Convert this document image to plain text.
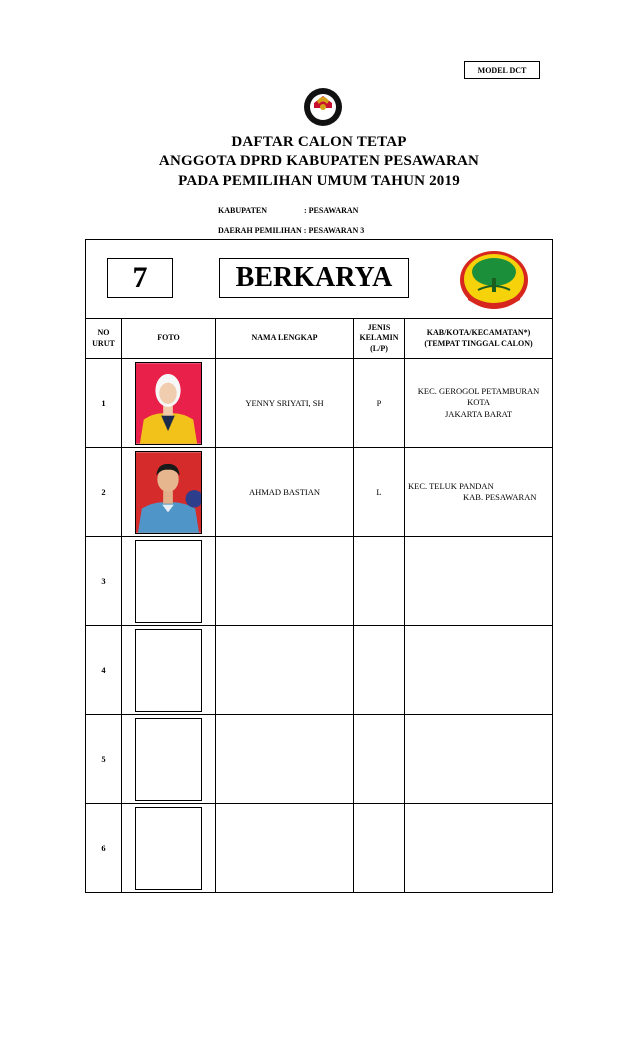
MODEL DCT
DAFTAR CALON TETAP
ANGGOTA DPRD KABUPATEN PESAWARAN
PADA PEMILIHAN UMUM TAHUN 2019
KABUPATEN	: PESAWARAN
DAERAH PEMILIHAN : PESAWARAN 3
7 BERKARYA				

NO
URUT	FOTO	NAMA LENGKAP	JENIS
KELAMIN
(L/P)	KAB/KOTA/KECAMATAN*)
(TEMPAT TINGGAL CALON)
1		YENNY SRIYATI, SH	P	KEC. GEROGOL PETAMBURAN KOTA
JAKARTA BARAT

2		AHMAD BASTIAN	L	KEC. TELUK PANDAN
KAB. PESAWARAN

3	

4	

5	

6	
